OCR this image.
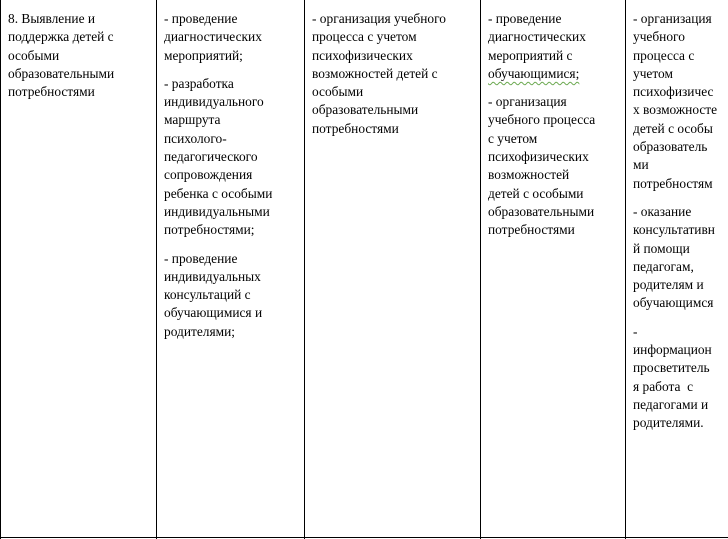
8. Выявление и
поддержка детей с
особыми
образовательными
потребностями

- проведение
диагностических
мероприятий;

- разработка
индивидуального
маршрута
психолого-
педагогического
сопровождения
ребенка с особыми
индивидуальными
потребностями;

- проведение
индивидуальных
консультаций с
обучающимися и
родителями;

- организация учебного
процесса с учетом
психофизических
возможностей детей с
особыми
образовательными
потребностями

- проведение
диагностических
мероприятий с
обучающимися;

- организация
учебного процесса
с учетом
психофизических
возможностей
детей с особыми
образовательными
потребностями

- организация
учебного
процесса с
учетом
психофизичес
х возможносте
детей с особы
образователь
ми
потребностям

- оказание
консультативн
й помощи
педагогам,
родителям и
обучающимся

-
информацион
просветитель
я работа  с
педагогами и
родителями.
